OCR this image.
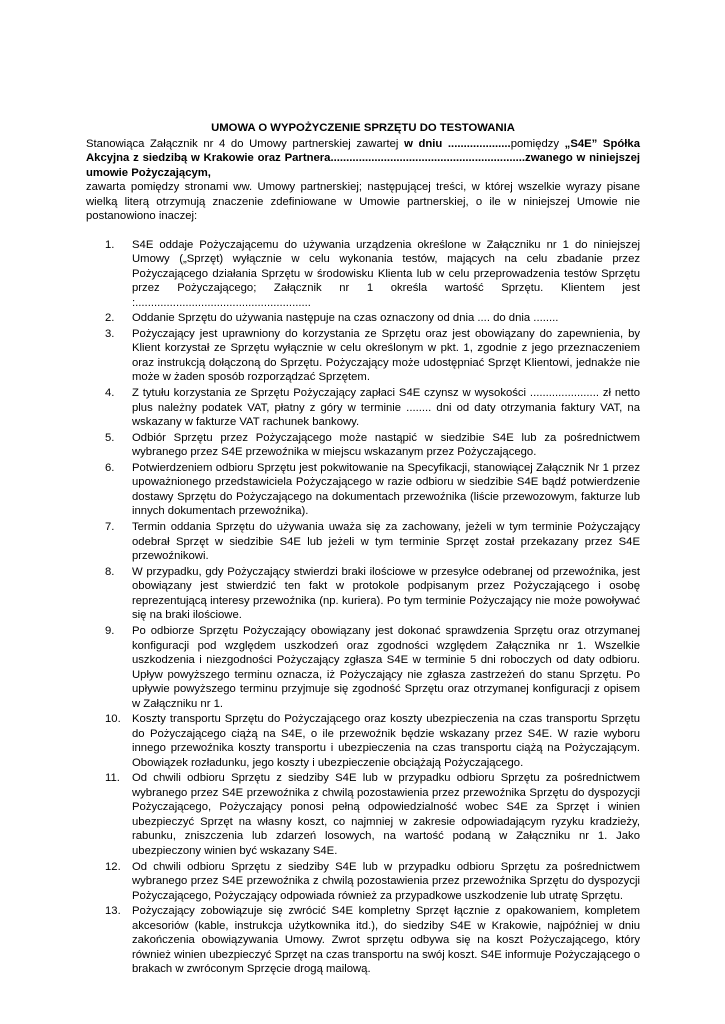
UMOWA O WYPOŻYCZENIE SPRZĘTU DO TESTOWANIA

Stanowiąca Załącznik nr 4 do Umowy partnerskiej zawartej w dniu ....................pomiędzy „S4E” Spółka Akcyjna z siedzibą w Krakowie oraz Partnera..............................................................zwanego w niniejszej umowie Pożyczającym,

zawarta pomiędzy stronami ww. Umowy partnerskiej; następującej treści, w której wszelkie wyrazy pisane wielką literą otrzymują znaczenie zdefiniowane w Umowie partnerskiej, o ile w niniejszej Umowie nie postanowiono inaczej:

1.	S4E oddaje Pożyczającemu do używania urządzenia określone w Załączniku nr 1 do niniejszej Umowy („Sprzęt) wyłącznie w celu wykonania testów, mających na celu zbadanie przez Pożyczającego działania Sprzętu w środowisku Klienta lub w celu przeprowadzenia testów Sprzętu przez Pożyczającego; Załącznik nr 1 określa wartość Sprzętu. Klientem jest :........................................................
2.	Oddanie Sprzętu do używania następuje na czas oznaczony od dnia .... do dnia ........
3.	Pożyczający jest uprawniony do korzystania ze Sprzętu oraz jest obowiązany do zapewnienia, by Klient korzystał ze Sprzętu wyłącznie w celu określonym w pkt. 1, zgodnie z jego przeznaczeniem oraz instrukcją dołączoną do Sprzętu. Pożyczający może udostępniać Sprzęt Klientowi, jednakże nie może w żaden sposób rozporządzać Sprzętem.
4.	Z tytułu korzystania ze Sprzętu Pożyczający zapłaci S4E czynsz w wysokości ...................... zł netto plus należny podatek VAT, płatny z góry w terminie ........ dni od daty otrzymania faktury VAT, na wskazany w fakturze VAT rachunek bankowy.
5.	Odbiór Sprzętu przez Pożyczającego może nastąpić w siedzibie S4E lub za pośrednictwem wybranego przez S4E przewoźnika w miejscu wskazanym przez Pożyczającego.
6.	Potwierdzeniem odbioru Sprzętu jest pokwitowanie na Specyfikacji, stanowiącej Załącznik Nr 1 przez upoważnionego przedstawiciela Pożyczającego w razie odbioru w siedzibie S4E bądź potwierdzenie dostawy Sprzętu do Pożyczającego na dokumentach przewoźnika (liście przewozowym, fakturze lub innych dokumentach przewoźnika).
7.	Termin oddania Sprzętu do używania uważa się za zachowany, jeżeli w tym terminie Pożyczający odebrał Sprzęt w siedzibie S4E lub jeżeli w tym terminie Sprzęt został przekazany przez S4E przewoźnikowi.
8.	W przypadku, gdy Pożyczający stwierdzi braki ilościowe w przesyłce odebranej od przewoźnika, jest obowiązany jest stwierdzić ten fakt w protokole podpisanym przez Pożyczającego i osobę reprezentującą interesy przewoźnika (np. kuriera). Po tym terminie Pożyczający nie może powoływać się na braki ilościowe.
9.	Po odbiorze Sprzętu Pożyczający obowiązany jest dokonać sprawdzenia Sprzętu oraz otrzymanej konfiguracji pod względem uszkodzeń oraz zgodności względem Załącznika nr 1. Wszelkie uszkodzenia i niezgodności Pożyczający zgłasza S4E w terminie 5 dni roboczych od daty odbioru. Upływ powyższego terminu oznacza, iż Pożyczający nie zgłasza zastrzeżeń do stanu Sprzętu. Po upływie powyższego terminu przyjmuje się zgodność Sprzętu oraz otrzymanej konfiguracji z opisem w Załączniku nr 1.
10. Koszty transportu Sprzętu do Pożyczającego oraz koszty ubezpieczenia na czas transportu Sprzętu do Pożyczającego ciążą na S4E, o ile przewoźnik będzie wskazany przez S4E. W razie wyboru innego przewoźnika koszty transportu i ubezpieczenia na czas transportu ciążą na Pożyczającym. Obowiązek rozładunku, jego koszty i ubezpieczenie obciążają Pożyczającego.
11.	Od chwili odbioru Sprzętu z siedziby S4E lub w przypadku odbioru Sprzętu za pośrednictwem wybranego przez S4E przewoźnika z chwilą pozostawienia przez przewoźnika Sprzętu do dyspozycji Pożyczającego, Pożyczający ponosi pełną odpowiedzialność wobec S4E za Sprzęt i winien ubezpieczyć Sprzęt na własny koszt, co najmniej w zakresie odpowiadającym ryzyku kradzieży, rabunku, zniszczenia lub zdarzeń losowych, na wartość podaną w Załączniku nr 1. Jako ubezpieczony winien być wskazany S4E.
12. Od chwili odbioru Sprzętu z siedziby S4E lub w przypadku odbioru Sprzętu za pośrednictwem wybranego przez S4E przewoźnika z chwilą pozostawienia przez przewoźnika Sprzętu do dyspozycji Pożyczającego, Pożyczający odpowiada również za przypadkowe uszkodzenie lub utratę Sprzętu.
13. Pożyczający zobowiązuje się zwrócić S4E kompletny Sprzęt łącznie z opakowaniem, kompletem akcesoriów (kable, instrukcja użytkownika itd.), do siedziby S4E w Krakowie, najpóźniej w dniu zakończenia obowiązywania Umowy. Zwrot sprzętu odbywa się na koszt Pożyczającego, który również winien ubezpieczyć Sprzęt na czas transportu na swój koszt. S4E informuje Pożyczającego o brakach w zwróconym Sprzęcie drogą mailową.
